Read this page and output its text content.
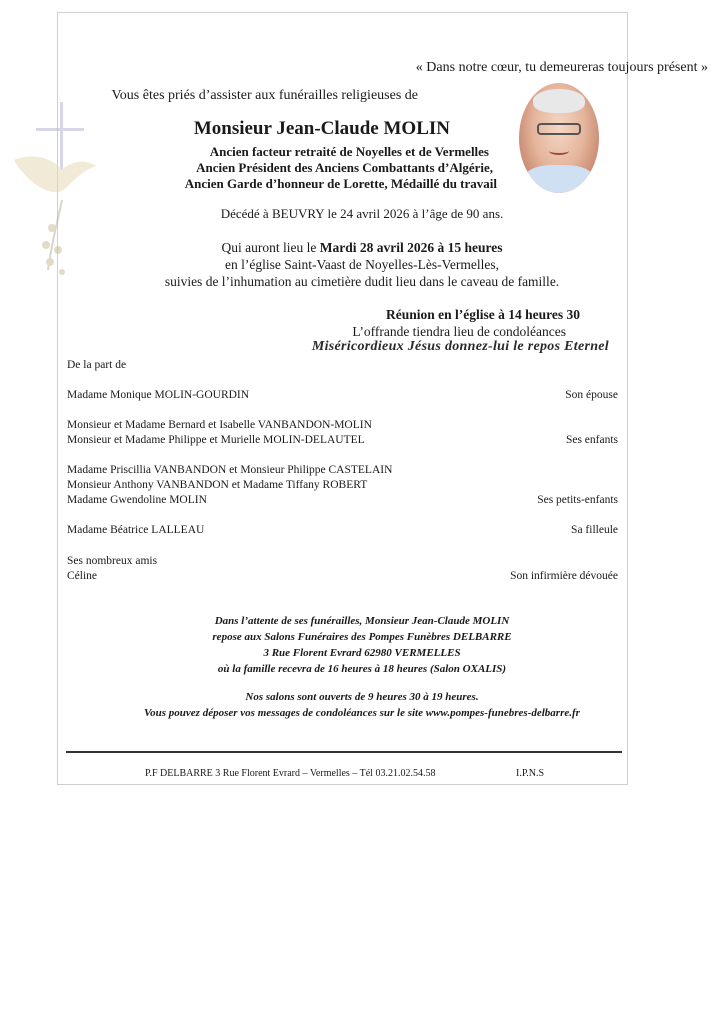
« Dans notre cœur, tu demeureras toujours présent »
Vous êtes priés d’assister aux funérailles religieuses de
Monsieur Jean-Claude MOLIN
Ancien facteur retraité de Noyelles et de Vermelles
Ancien Président des Anciens Combattants d’Algérie,
Ancien Garde d’honneur de Lorette, Médaillé du travail
Décédé à BEUVRY le 24 avril 2026 à l’âge de 90 ans.
Qui auront lieu le Mardi 28 avril 2026 à 15 heures
en l’église Saint-Vaast de Noyelles-Lès-Vermelles,
suivies de l’inhumation au cimetière dudit lieu dans le caveau de famille.
Réunion en l’église à 14 heures 30
L’offrande tiendra lieu de condoléances
Miséricordieux Jésus donnez-lui le repos Eternel
De la part de
Madame Monique MOLIN-GOURDIN	Son épouse
Monsieur et Madame Bernard et Isabelle VANBANDON-MOLIN
Monsieur et Madame Philippe et Murielle MOLIN-DELAUTEL	Ses enfants
Madame Priscillia VANBANDON et Monsieur Philippe CASTELAIN
Monsieur Anthony VANBANDON et Madame Tiffany ROBERT
Madame Gwendoline MOLIN	Ses petits-enfants
Madame Béatrice LALLEAU	Sa filleule
Ses nombreux amis
Céline	Son infirmière dévouée
Dans l’attente de ses funérailles, Monsieur Jean-Claude MOLIN
repose aux Salons Funéraires des Pompes Funèbres DELBARRE
3 Rue Florent Evrard 62980 VERMELLES
où la famille recevra de 16 heures à 18 heures (Salon OXALIS)
Nos salons sont ouverts de 9 heures 30 à 19 heures.
Vous pouvez déposer vos messages de condoléances sur le site www.pompes-funebres-delbarre.fr
P.F DELBARRE 3 Rue Florent Evrard – Vermelles – Tél 03.21.02.54.58	I.P.N.S
